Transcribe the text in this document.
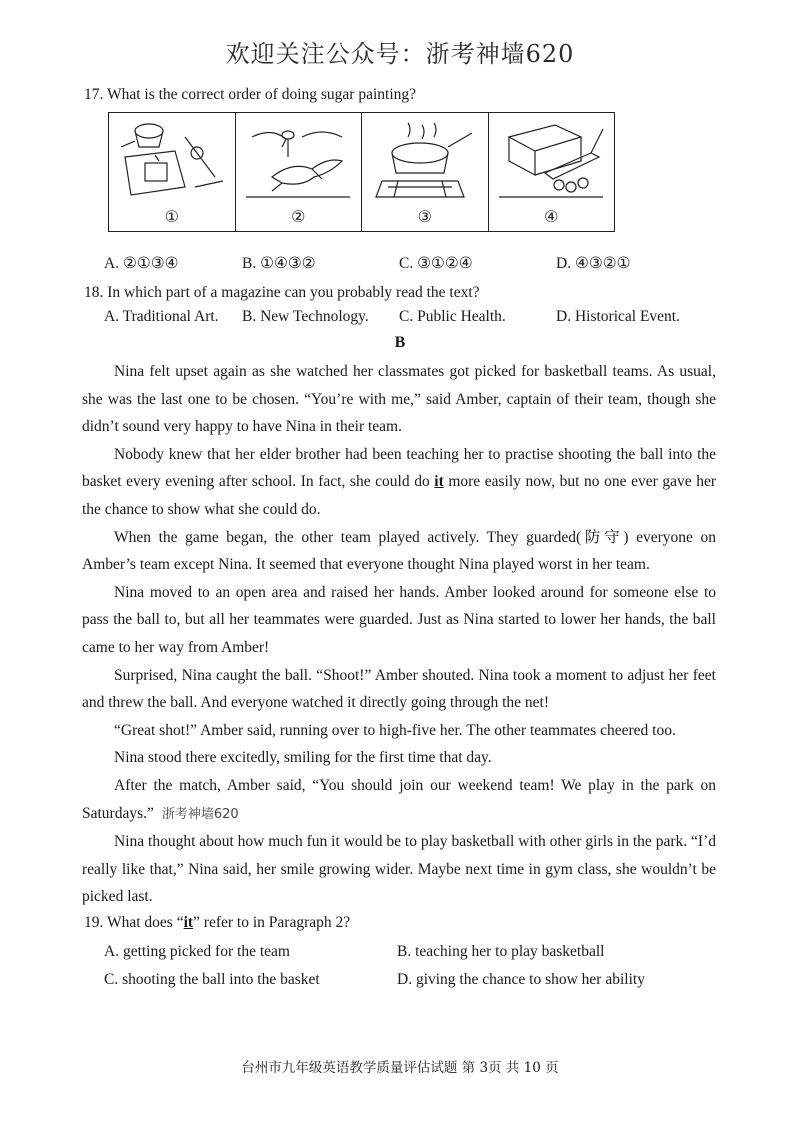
欢迎关注公众号：浙考神墙620
17. What is the correct order of doing sugar painting?
①	②	③	④
A. ②①③④	B. ①④③②	C. ③①②④	D. ④③②①
18. In which part of a magazine can you probably read the text?
A. Traditional Art. B. New Technology. C. Public Health.	D. Historical Event.
B

Nina felt upset again as she watched her classmates got picked for basketball teams. As usual, she was the last one to be chosen. “You’re with me,” said Amber, captain of their team, though she didn’t sound very happy to have Nina in their team.

Nobody knew that her elder brother had been teaching her to practise shooting the ball into the basket every evening after school. In fact, she could do it more easily now, but no one ever gave her the chance to show what she could do.

When the game began, the other team played actively. They guarded(防守) everyone on Amber’s team except Nina. It seemed that everyone thought Nina played worst in her team.

Nina moved to an open area and raised her hands. Amber looked around for someone else to pass the ball to, but all her teammates were guarded. Just as Nina started to lower her hands, the ball came to her way from Amber!

Surprised, Nina caught the ball. “Shoot!” Amber shouted. Nina took a moment to adjust her feet and threw the ball. And everyone watched it directly going through the net!

“Great shot!” Amber said, running over to high-five her. The other teammates cheered too.

Nina stood there excitedly, smiling for the first time that day.

After the match, Amber said, “You should join our weekend team! We play in the park on Saturdays.” 浙考神墙620

Nina thought about how much fun it would be to play basketball with other girls in the park. “I’d really like that,” Nina said, her smile growing wider. Maybe next time in gym class, she wouldn’t be picked last.

19. What does “it” refer to in Paragraph 2?
A. getting picked for the team	B. teaching her to play basketball
C. shooting the ball into the basket	D. giving the chance to show her ability
台州市九年级英语教学质量评估试题 第 3页 共 10 页
